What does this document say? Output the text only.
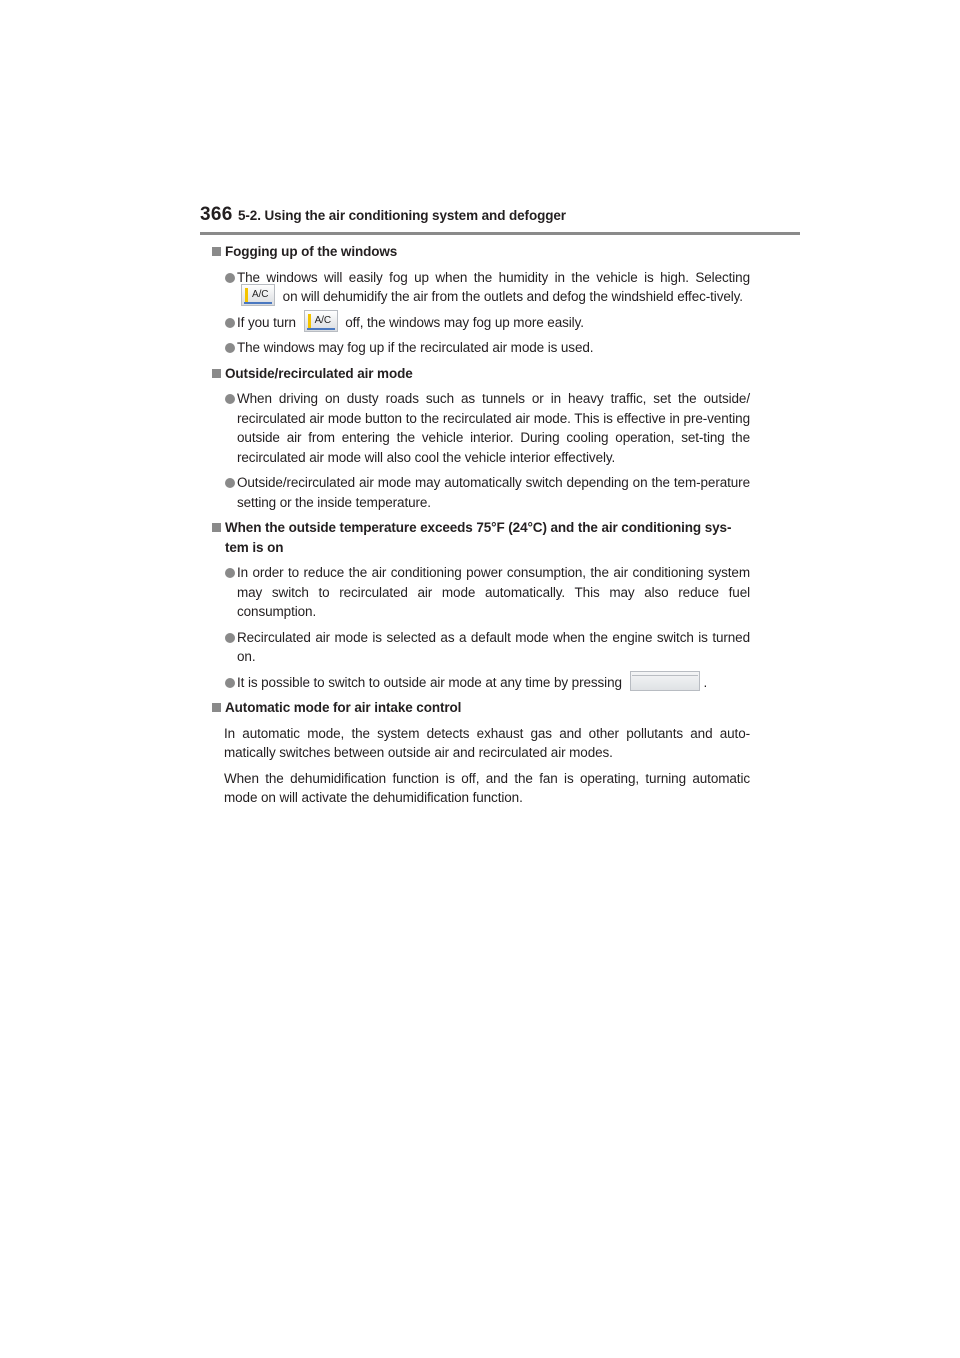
366 5-2. Using the air conditioning system and defogger
Fogging up of the windows
The windows will easily fog up when the humidity in the vehicle is high. Selecting
A/C on will dehumidify the air from the outlets and defog the windshield effec-tively.
If you turn A/C off, the windows may fog up more easily.
The windows may fog up if the recirculated air mode is used.
Outside/recirculated air mode
When driving on dusty roads such as tunnels or in heavy traffic, set the outside/ recirculated air mode button to the recirculated air mode. This is effective in pre-venting outside air from entering the vehicle interior. During cooling operation, set-ting the recirculated air mode will also cool the vehicle interior effectively.
Outside/recirculated air mode may automatically switch depending on the tem-perature setting or the inside temperature.
When the outside temperature exceeds 75°F (24°C) and the air conditioning sys-tem is on
In order to reduce the air conditioning power consumption, the air conditioning system may switch to recirculated air mode automatically. This may also reduce fuel consumption.
Recirculated air mode is selected as a default mode when the engine switch is turned on.
It is possible to switch to outside air mode at any time by pressing	.
Automatic mode for air intake control
In automatic mode, the system detects exhaust gas and other pollutants and auto-matically switches between outside air and recirculated air modes.
When the dehumidification function is off, and the fan is operating, turning automatic mode on will activate the dehumidification function.
